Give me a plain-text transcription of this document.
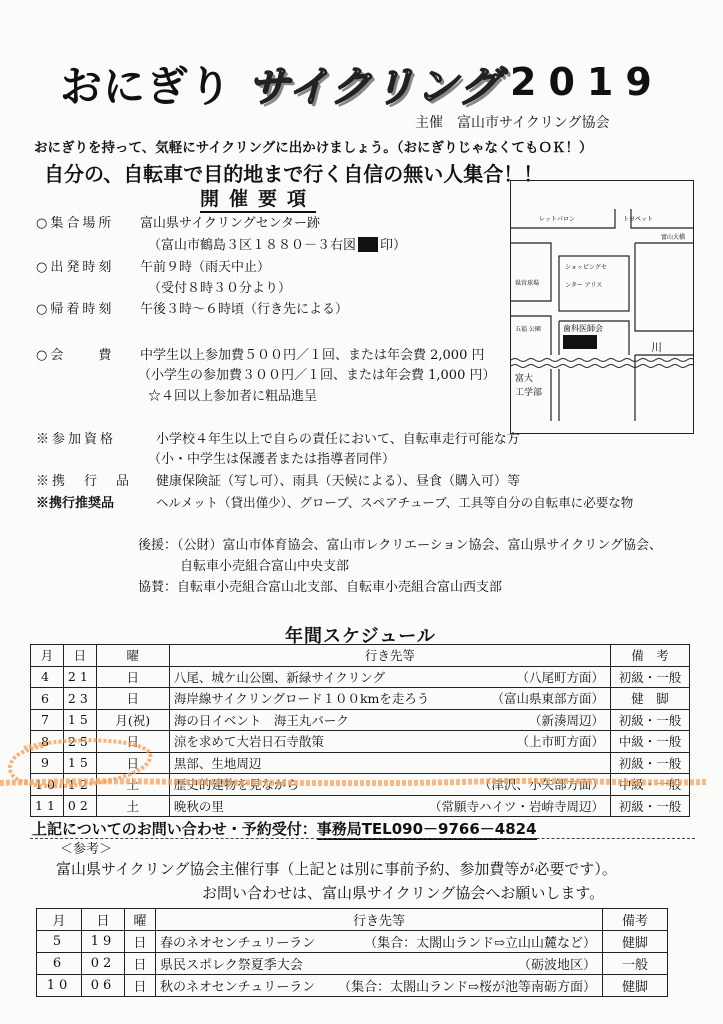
おにぎり サイクリング 2019
主催　富山市サイクリング協会
おにぎりを持って、気軽にサイクリングに出かけましょう。（おにぎりじゃなくてもＯＫ！）
自分の、自転車で目的地まで行く自信の無い人集合！！
開催要項
○集合場所 富山県サイクリングセンター跡
（富山市鶴島３区１８８０－３右図 印）
○出発時刻 午前９時（雨天中止）
（受付８時３０分より）
○帰着時刻 午後３時～６時頃（行き先による）
○会　　費 中学生以上参加費５００円／１回、または年会費 2,000 円
（小学生の参加費３００円／１回、または年会費 1,000 円）
☆４回以上参加者に粗品進呈
※参加資格	小学校４年生以上で自らの責任において、自転車走行可能な方
（小・中学生は保護者または指導者同伴）
※携　行　品 健康保険証（写し可）、雨具（天候による）、昼食（購入可）等
※携行推奨品	ヘルメット（貸出僅少）、グローブ、スペアチューブ、工具等自分の自転車に必要な物
レットパロン	トヨペット
富山大橋
ショッピングセ
ンター アリス
県営球場
五福 公園	歯科医師会
川
富大
工学部
後援：（公財）富山市体育協会、富山市レクリエーション協会、富山県サイクリング協会、
自転車小売組合富山中央支部
協賛：自転車小売組合富山北支部、自転車小売組合富山西支部
年間スケジュール
月	日	曜	行き先等	備　考
4	21	日	八尾、城ケ山公園、新緑サイクリング （八尾町方面）	初級・一般
6	23	日	海岸線サイクリングロード１００kmを走ろう （富山県東部方面）	健　脚
7	15	月(祝)	海の日イベント　海王丸パーク （新湊周辺）	初級・一般
8	25	日	涼を求めて大岩日石寺散策 （上市町方面）	中級・一般
9	15	日	黒部、生地周辺	初級・一般
10	12	土	歴史的建物を見ながら （津沢、小矢部方面）	中級・一般
11	02	土	晩秋の里 （常願寺ハイツ・岩峅寺周辺）	初級・一般
上記についてのお問い合わせ・予約受付：事務局TEL090－9766－4824
＜参考＞
富山県サイクリング協会主催行事（上記とは別に事前予約、参加費等が必要です）。
お問い合わせは、富山県サイクリング協会へお願いします。
月	日	曜	行き先等	備考
5	19	日	春のネオセンチュリーラン （集合：太閤山ランド⇨立山山麓など）	健脚
6	02	日	県民スポレク祭夏季大会 （砺波地区）	一般
10	06	日	秋のネオセンチュリーラン （集合：太閤山ランド⇨桜が池等南砺方面）	健脚
